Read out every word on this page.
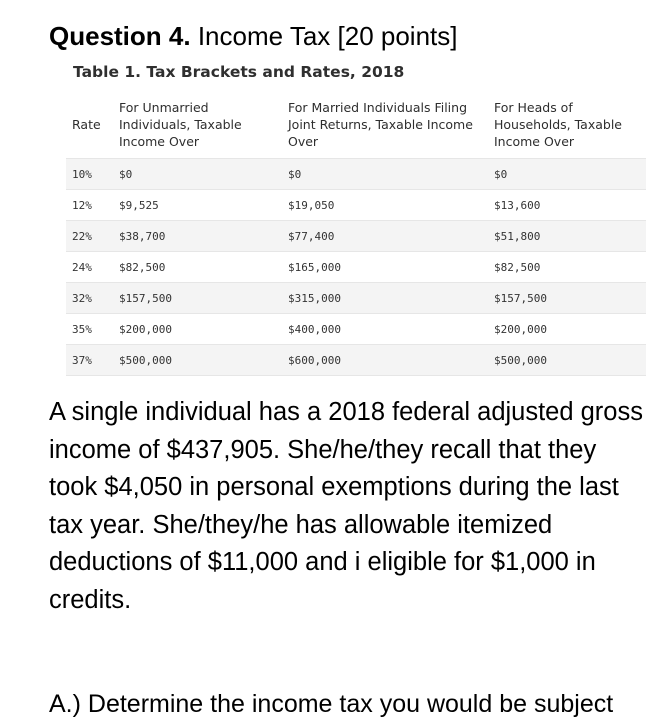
Question 4. Income Tax [20 points]
Table 1. Tax Brackets and Rates, 2018
Rate	For Unmarried Individuals, Taxable Income Over	For Married Individuals Filing Joint Returns, Taxable Income Over	For Heads of Households, Taxable Income Over
10%	$0	$0	$0
12%	$9,525	$19,050	$13,600
22%	$38,700	$77,400	$51,800
24%	$82,500	$165,000	$82,500
32%	$157,500	$315,000	$157,500
35%	$200,000	$400,000	$200,000
37%	$500,000	$600,000	$500,000
A single individual has a 2018 federal adjusted gross income of $437,905. She/he/they recall that they took $4,050 in personal exemptions during the last tax year. She/they/he has allowable itemized deductions of $11,000 and i eligible for $1,000 in credits.
A.) Determine the income tax you would be subject
